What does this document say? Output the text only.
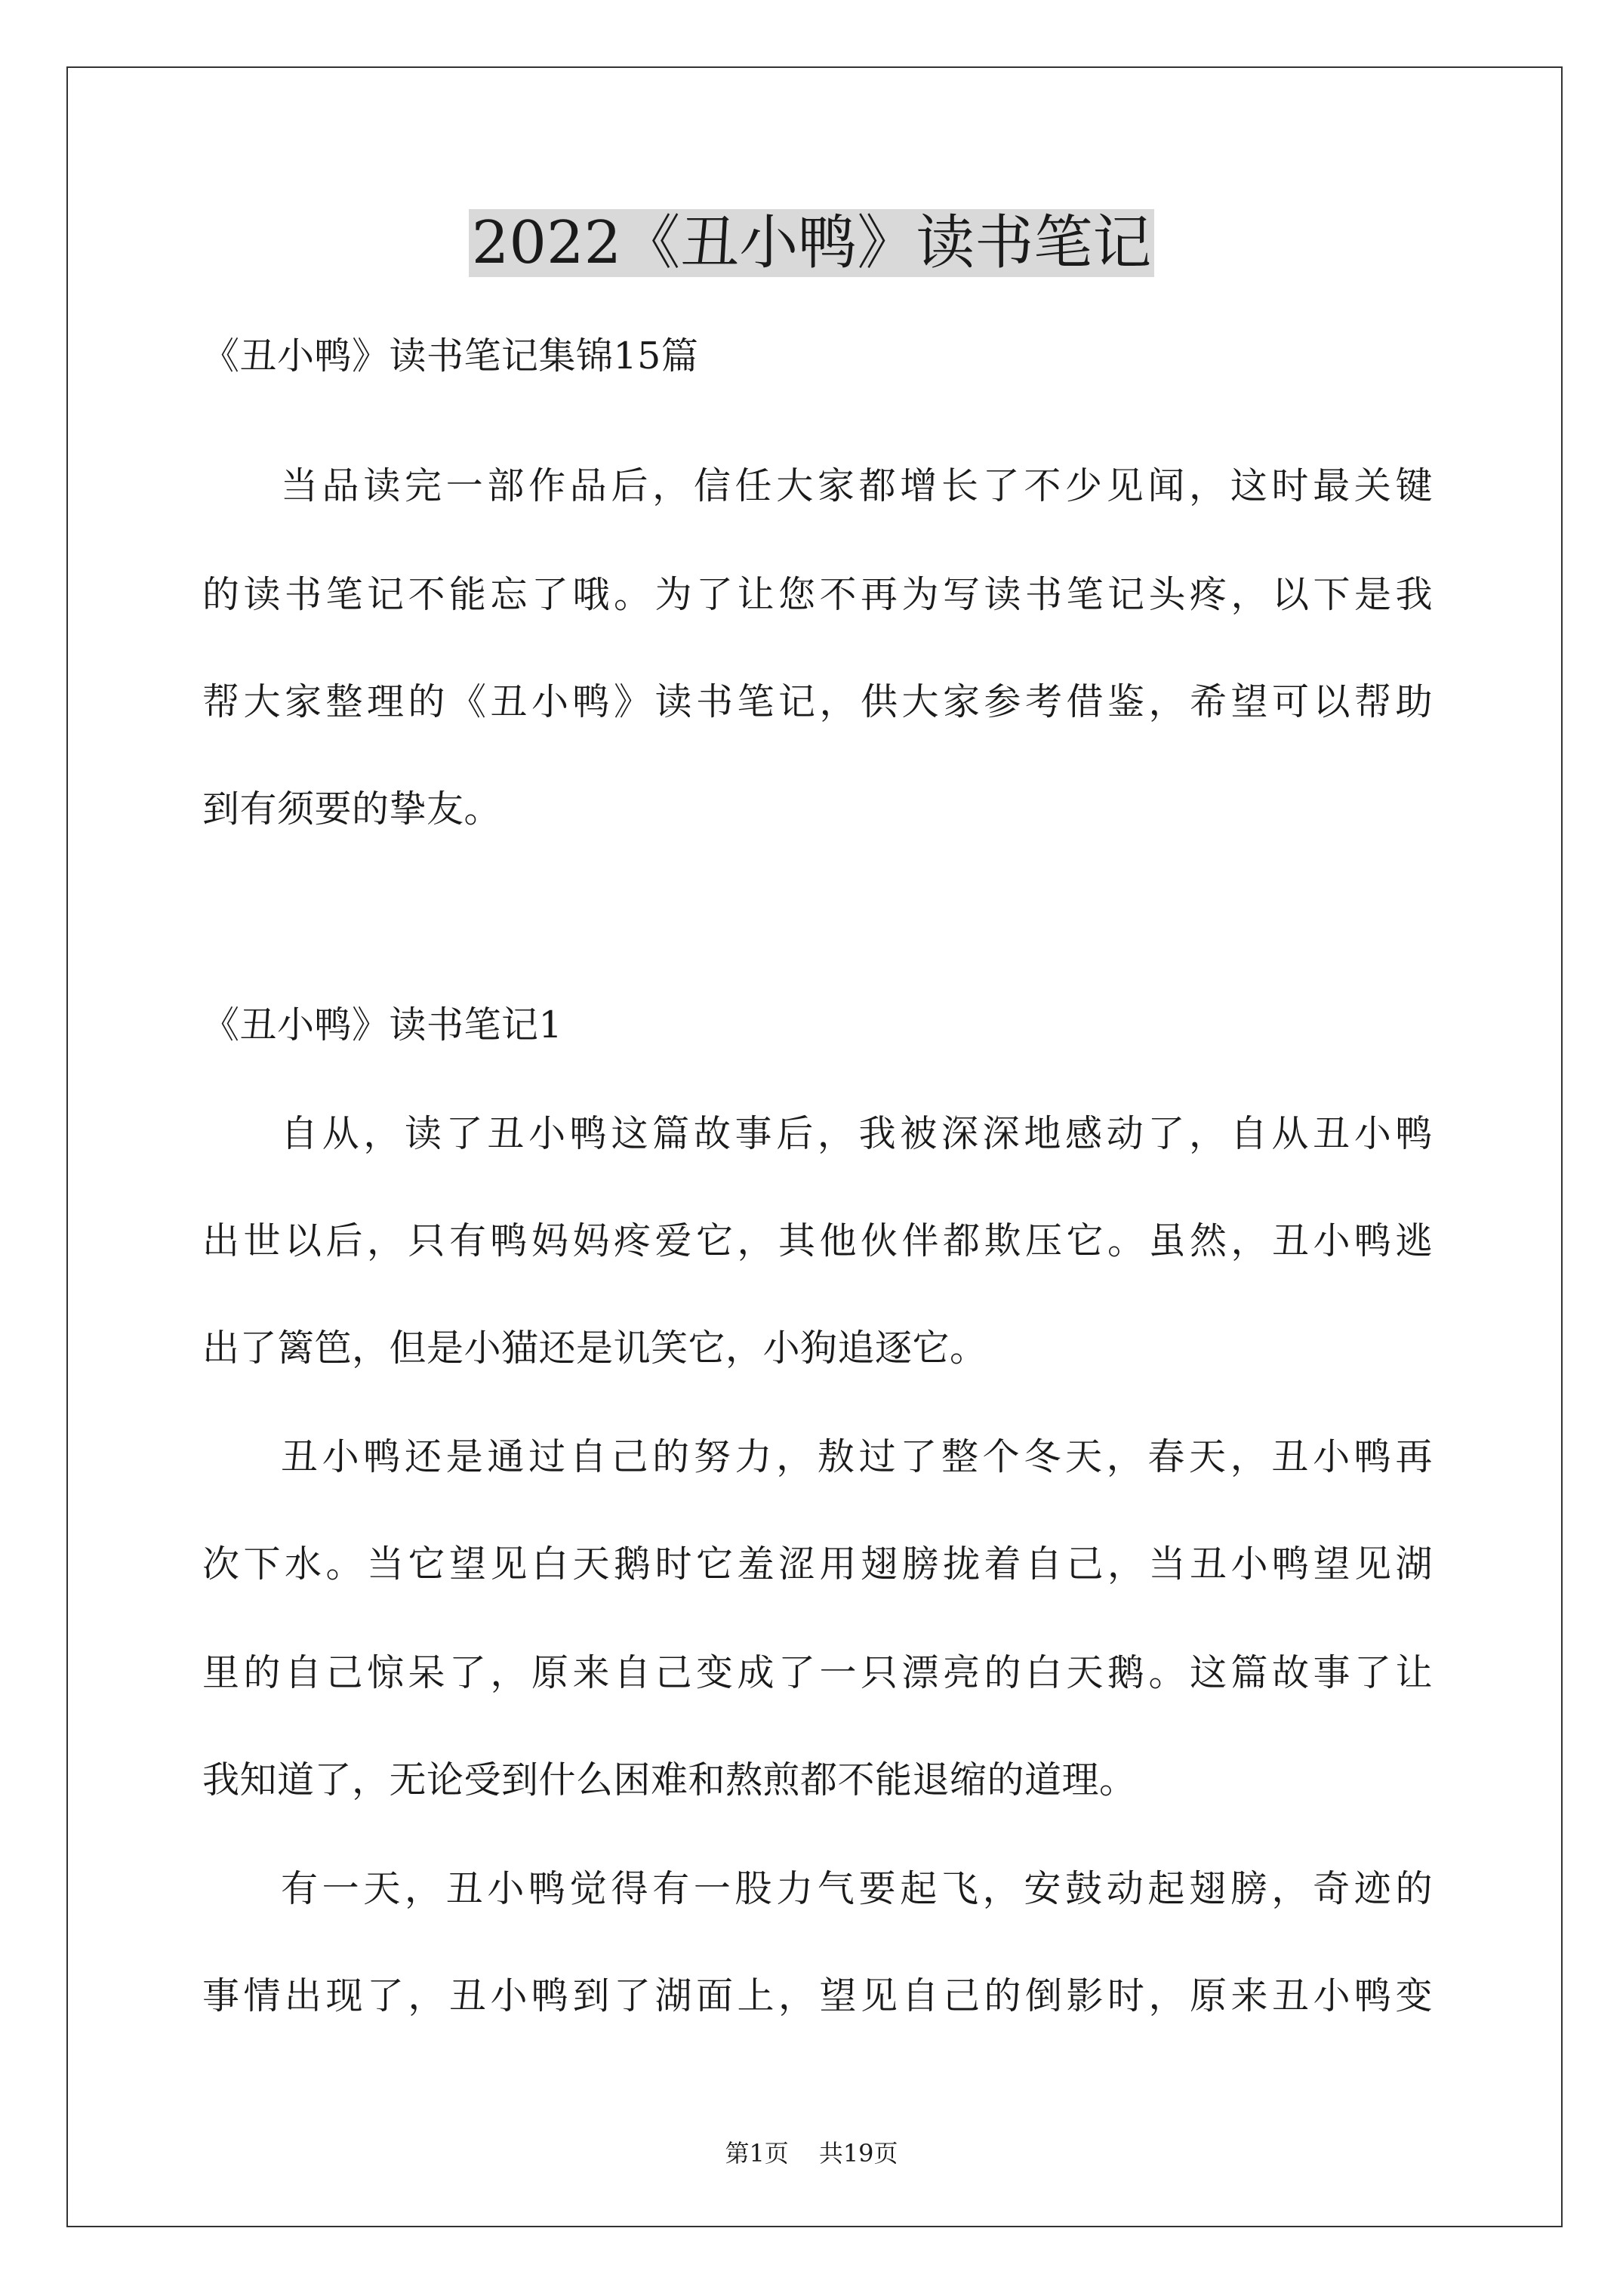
2022《丑小鸭》读书笔记
《丑小鸭》读书笔记集锦15篇
当品读完一部作品后，信任大家都增长了不少见闻，这时最关键
的读书笔记不能忘了哦。为了让您不再为写读书笔记头疼，以下是我
帮大家整理的《丑小鸭》读书笔记，供大家参考借鉴，希望可以帮助
到有须要的挚友。
《丑小鸭》读书笔记1
自从，读了丑小鸭这篇故事后，我被深深地感动了，自从丑小鸭
出世以后，只有鸭妈妈疼爱它，其他伙伴都欺压它。虽然，丑小鸭逃
出了篱笆，但是小猫还是讥笑它，小狗追逐它。
丑小鸭还是通过自己的努力，敖过了整个冬天，春天，丑小鸭再
次下水。当它望见白天鹅时它羞涩用翅膀拢着自己，当丑小鸭望见湖
里的自己惊呆了，原来自己变成了一只漂亮的白天鹅。这篇故事了让
我知道了，无论受到什么困难和熬煎都不能退缩的道理。
有一天，丑小鸭觉得有一股力气要起飞，安鼓动起翅膀，奇迹的
事情出现了，丑小鸭到了湖面上，望见自己的倒影时，原来丑小鸭变
第1页 共19页
